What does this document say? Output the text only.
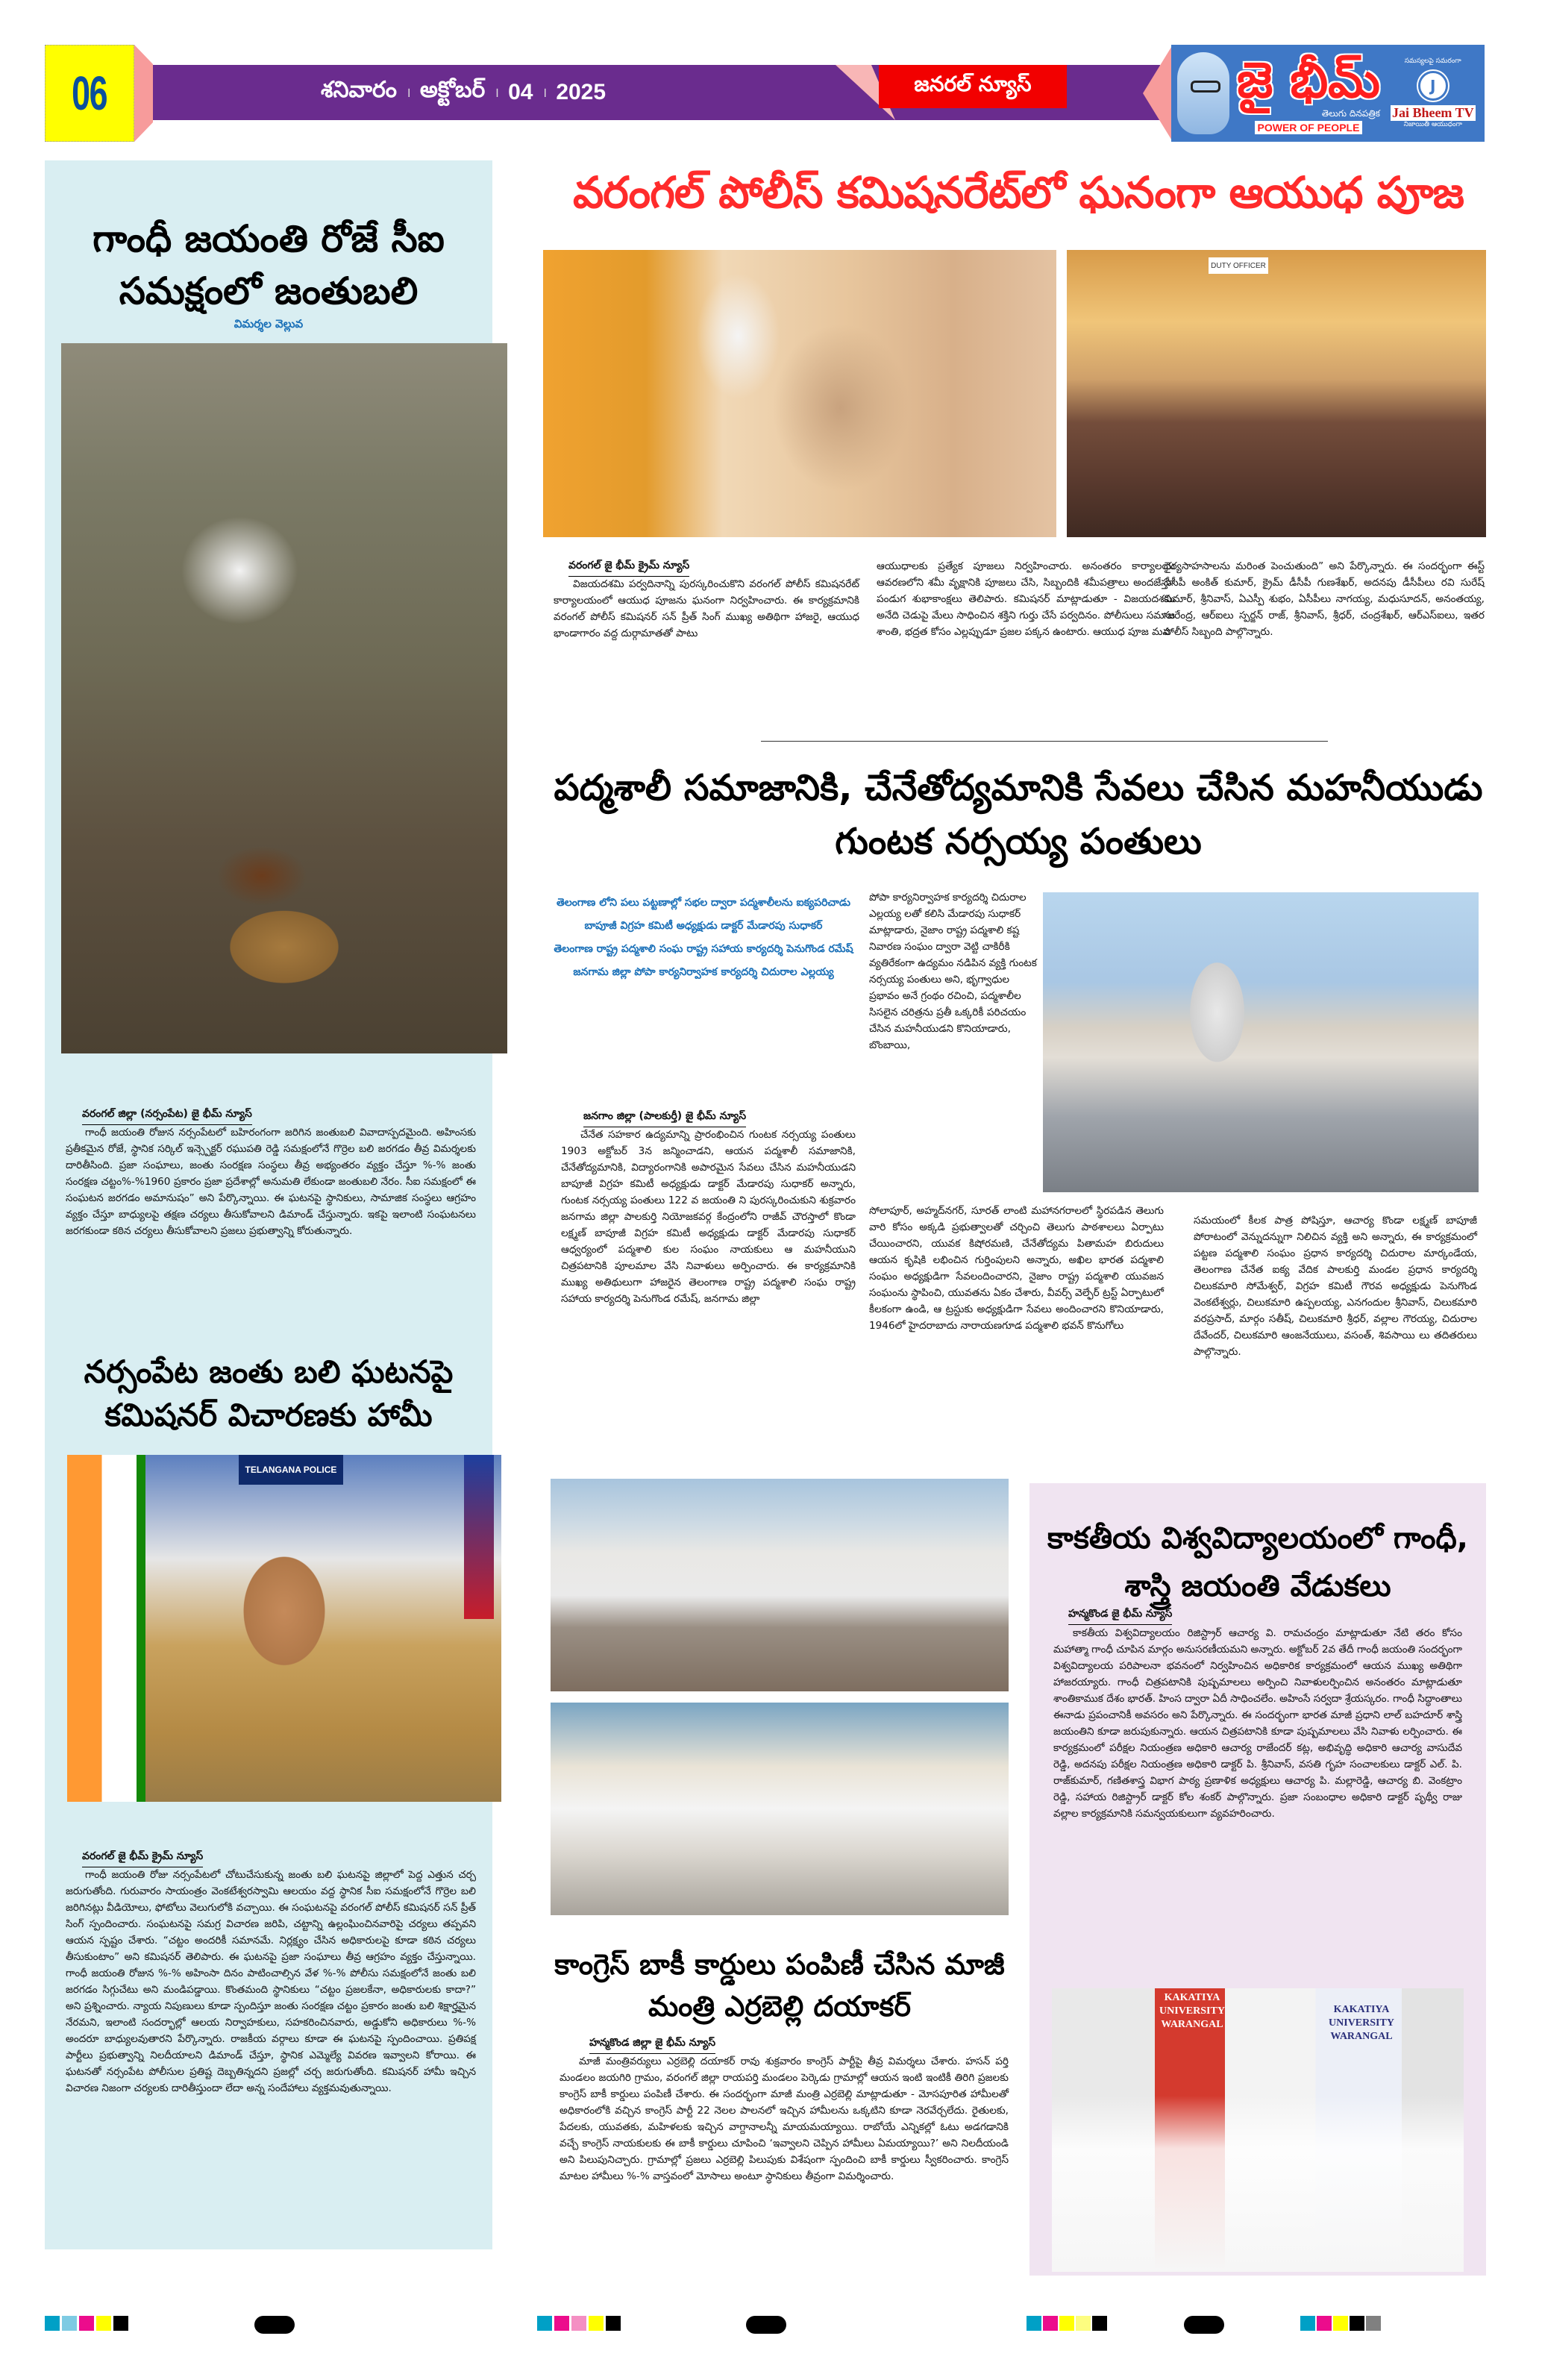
06	శనివారం । అక్టోబర్ । 04 । 2025	జనరల్ న్యూస్	జై భీమ్
తెలుగు దినపత్రిక
POWER OF PEOPLE
సమస్యలపై సమరంగా
J
Jai Bheem TV
నిజాయితీ ఆయుధంగా
గాంధీ జయంతి రోజే సీఐ సమక్షంలో జంతుబలి
విమర్శల వెల్లువ
వరంగల్ జిల్లా (నర్సంపేట) జై భీమ్ న్యూస్
గాంధీ జయంతి రోజున నర్సంపేటలో బహిరంగంగా జరిగిన జంతుబలి వివాదాస్పదమైంది. అహింసకు ప్రతీకమైన రోజే, స్థానిక సర్కిల్ ఇన్స్పెక్టర్ రఘుపతి రెడ్డి సమక్షంలోనే గొర్రెల బలి జరగడం తీవ్ర విమర్శలకు దారితీసింది. ప్రజా సంఘాలు, జంతు సంరక్షణ సంస్థలు తీవ్ర అభ్యంతరం వ్యక్తం చేస్తూ %-% జంతు సంరక్షణ చట్టం%-%1960 ప్రకారం ప్రజా ప్రదేశాల్లో అనుమతి లేకుండా జంతుబలి నేరం. సీఐ సమక్షంలో ఈ సంఘటన జరగడం అమానుషం” అని పేర్కొన్నాయి. ఈ ఘటనపై స్థానికులు, సామాజిక సంస్థలు ఆగ్రహం వ్యక్తం చేస్తూ బాధ్యులపై తక్షణ చర్యలు తీసుకోవాలని డిమాండ్ చేస్తున్నారు. ఇకపై ఇలాంటి సంఘటనలు జరగకుండా కఠిన చర్యలు తీసుకోవాలని ప్రజలు ప్రభుత్వాన్ని కోరుతున్నారు.
నర్సంపేట జంతు బలి ఘటనపై కమిషనర్ విచారణకు హామీ
TELANGANA POLICE
వరంగల్ జై భీమ్ క్రైమ్ న్యూస్
గాంధీ జయంతి రోజు నర్సంపేటలో చోటుచేసుకున్న జంతు బలి ఘటనపై జిల్లాలో పెద్ద ఎత్తున చర్చ జరుగుతోంది. గురువారం సాయంత్రం వెంకటేశ్వరస్వామి ఆలయం వద్ద స్థానిక సీఐ సమక్షంలోనే గొర్రెల బలి జరిగినట్లు వీడియోలు, ఫోటోలు వెలుగులోకి వచ్చాయి. ఈ సంఘటనపై వరంగల్ పోలీస్ కమిషనర్ సన్ ప్రీత్ సింగ్ స్పందించారు. సంఘటనపై సమగ్ర విచారణ జరిపి, చట్టాన్ని ఉల్లంఘించినవారిపై చర్యలు తప్పవని ఆయన స్పష్టం చేశారు. “చట్టం అందరికీ సమానమే. నిర్లక్ష్యం చేసిన అధికారులపై కూడా కఠిన చర్యలు తీసుకుంటాం” అని కమిషనర్ తెలిపారు. ఈ ఘటనపై ప్రజా సంఘాలు తీవ్ర ఆగ్రహం వ్యక్తం చేస్తున్నాయి. గాంధీ జయంతి రోజున %-% అహింసా దినం పాటించాల్సిన వేళ %-% పోలీసు సమక్షంలోనే జంతు బలి జరగడం సిగ్గుచేటు అని మండిపడ్డాయి. కొంతమంది స్థానికులు “చట్టం ప్రజలకేనా, అధికారులకు కాదా?” అని ప్రశ్నించారు. న్యాయ నిపుణులు కూడా స్పందిస్తూ జంతు సంరక్షణ చట్టం ప్రకారం జంతు బలి శిక్షార్హమైన నేరమని, ఇలాంటి సందర్భాల్లో ఆలయ నిర్వాహకులు, సహకరించినవారు, అడ్డుకోని అధికారులు %-% అందరూ బాధ్యులవుతారని పేర్కొన్నారు. రాజకీయ వర్గాలు కూడా ఈ ఘటనపై స్పందించాయి. ప్రతిపక్ష పార్టీలు ప్రభుత్వాన్ని నిలదీయాలని డిమాండ్ చేస్తూ, స్థానిక ఎమ్మెల్యే వివరణ ఇవ్వాలని కోరాయి. ఈ ఘటనతో నర్సంపేట పోలీసుల ప్రతిష్ట దెబ్బతిన్నదని ప్రజల్లో చర్చ జరుగుతోంది. కమిషనర్ హామీ ఇచ్చిన విచారణ నిజంగా చర్యలకు దారితీస్తుందా లేదా అన్న సందేహాలు వ్యక్తమవుతున్నాయి.
వరంగల్ పోలీస్ కమిషనరేట్‌లో ఘనంగా ఆయుధ పూజ
DUTY OFFICER
వరంగల్ జై భీమ్ క్రైమ్ న్యూస్
విజయదశమి పర్వదినాన్ని పురస్కరించుకొని వరంగల్ పోలీస్ కమిషనరేట్ కార్యాలయంలో ఆయుధ పూజను ఘనంగా నిర్వహించారు. ఈ కార్యక్రమానికి వరంగల్ పోలీస్ కమిషనర్ సన్ ప్రీత్ సింగ్ ముఖ్య అతిథిగా హాజరై, ఆయుధ భాండాగారం వద్ద దుర్గామాతతో పాటు
ఆయుధాలకు ప్రత్యేక పూజలు నిర్వహించారు. అనంతరం కార్యాలయ ఆవరణలోని శమీ వృక్షానికి పూజలు చేసి, సిబ్బందికి శమీపత్రాలు అందజేస్తూ పండుగ శుభాకాంక్షలు తెలిపారు. కమిషనర్ మాట్లాడుతూ - విజయదశమి అనేది చెడుపై మేలు సాధించిన శక్తిని గుర్తు చేసే పర్వదినం. పోలీసులు సమాజ శాంతి, భద్రత కోసం ఎల్లప్పుడూ ప్రజల పక్కన ఉంటారు. ఆయుధ పూజ మన
ధైర్యసాహసాలను మరింత పెంచుతుంది” అని పేర్కొన్నారు. ఈ సందర్భంగా ఈస్ట్ డీసీపీ అంకిత్ కుమార్, క్రైమ్ డీసీపీ గుణశేఖర్, అదనపు డీసీపీలు రవి సురేష్ కుమార్, శ్రీనివాస్, ఏఎస్పీ శుభం, ఏసీపీలు నాగయ్య, మధుసూదన్, అనంతయ్య, సురేంద్ర, ఆర్ఐలు స్పర్జన్ రాజ్, శ్రీనివాస్, శ్రీధర్, చంద్రశేఖర్, ఆర్ఎస్ఐలు, ఇతర పోలీస్ సిబ్బంది పాల్గొన్నారు.
పద్మశాలీ సమాజానికి, చేనేతోద్యమానికి సేవలు చేసిన మహనీయుడు గుంటక నర్సయ్య పంతులు
తెలంగాణ లోని పలు పట్టణాల్లో సభల ద్వారా పద్మశాలీలను ఐక్యపరిచాడు
బాపూజీ విగ్రహ కమిటీ అధ్యక్షుడు డాక్టర్ మేడారపు సుధాకర్
తెలంగాణ రాష్ట్ర పద్మశాలి సంఘ రాష్ట్ర సహాయ కార్యదర్శి పెనుగొండ రమేష్
జనగామ జిల్లా పోపా కార్యనిర్వాహక కార్యదర్శి చిదురాల ఎల్లయ్య
జనగాం జిల్లా (పాలకుర్తీ) జై భీమ్ న్యూస్
చేనేత సహకార ఉద్యమాన్ని ప్రారంభించిన గుంటక నర్సయ్య పంతులు 1903 అక్టోబర్ 3న జన్మించాడని, ఆయన పద్మశాలీ సమాజానికి, చేనేతోద్యమానికి, విద్యారంగానికి అపారమైన సేవలు చేసిన మహనీయుడని బాపూజీ విగ్రహ కమిటీ అధ్యక్షుడు డాక్టర్ మేడారపు సుధాకర్ అన్నారు, గుంటక నర్సయ్య పంతులు 122 వ జయంతి ని పురస్కరించుకుని శుక్రవారం జనగామ జిల్లా పాలకుర్తి నియోజకవర్గ కేంద్రంలోని రాజీవ్ చౌరస్తాలో కొండా లక్ష్మణ్ బాపూజీ విగ్రహ కమిటీ అధ్యక్షుడు డాక్టర్ మేడారపు సుధాకర్ ఆధ్వర్యంలో పద్మశాలి కుల సంఘం నాయకులు ఆ మహనీయుని చిత్రపటానికి పూలమాల వేసి నివాళులు అర్పించారు. ఈ కార్యక్రమానికి ముఖ్య అతిథులుగా హాజరైన తెలంగాణ రాష్ట్ర పద్మశాలి సంఘ రాష్ట్ర సహాయ కార్యదర్శి పెనుగొండ రమేష్, జనగామ జిల్లా
పోపా కార్యనిర్వాహక కార్యదర్శి చిదురాల ఎల్లయ్య లతో కలిసి మేడారపు సుధాకర్ మాట్లాడారు, నైజాం రాష్ట్ర పద్మశాలి కష్ట నివారణ సంఘం ద్వారా వెట్టి చాకిరీకి వ్యతిరేకంగా ఉద్యమం నడిపిన వ్యక్తి గుంటక నర్సయ్య పంతులు అని, భృగ్వాధుల ప్రభావం అనే గ్రంథం రచించి, పద్మశాలీల సిసలైన చరిత్రను ప్రతీ ఒక్కరికీ పరిచయం చేసిన మహనీయుడని కొనియాడారు, బొంబాయి,
సోలాపూర్, అహ్మద్‌నగర్, సూరత్ లాంటి మహానగరాలలో స్థిరపడిన తెలుగు వారి కోసం అక్కడి ప్రభుత్వాలతో చర్చించి తెలుగు పాఠశాలలు ఏర్పాటు చేయించారని, యువక కిషోరమణి, చేనేతోద్యమ పితామహ బిరుదులు ఆయన కృషికి లభించిన గుర్తింపులని అన్నారు, అఖిల భారత పద్మశాలి సంఘం అధ్యక్షుడిగా సేవలందించారని, నైజాం రాష్ట్ర పద్మశాలి యువజన సంఘంను స్థాపించి, యువతను ఏకం చేశారు, వీవర్స్ వెల్ఫేర్ ట్రస్ట్ ఏర్పాటులో కీలకంగా ఉండి, ఆ ట్రస్టుకు అధ్యక్షుడిగా సేవలు అందించారని కొనియాడారు, 1946లో హైదరాబాదు నారాయణగూడ పద్మశాలి భవన్ కొనుగోలు
సమయంలో కీలక పాత్ర పోషిస్తూ, ఆచార్య కొండా లక్ష్మణ్ బాపూజీ పోరాటంలో వెన్నుదన్నుగా నిలిచిన వ్యక్తి అని అన్నారు, ఈ కార్యక్రమంలో పట్టణ పద్మశాలి సంఘం ప్రధాన కార్యదర్శి చిదురాల మార్కండేయ, తెలంగాణ చేనేత ఐక్య వేదిక పాలకుర్తి మండల ప్రధాన కార్యదర్శి చిలుకమారి సోమేశ్వర్, విగ్రహ కమిటీ గౌరవ అధ్యక్షుడు పెనుగొండ వెంకటేశ్వర్లు, చిలుకమారి ఉప్పలయ్య, ఎనగందుల శ్రీనివాస్, చిలుకమారి వరప్రసాద్, మార్గం సతీష్, చిలుకమారి శ్రీధర్, వల్లాల గౌరయ్య, చిదురాల దేవేందర్, చిలుకమారి ఆంజనేయులు, వసంత్, శివసాయి లు తదితరులు పాల్గొన్నారు.
కాంగ్రెస్ బాకీ కార్డులు పంపిణీ చేసిన మాజీ మంత్రి ఎర్రబెల్లి దయాకర్
హన్మకొండ జిల్లా జై భీమ్ న్యూస్
మాజీ మంత్రివర్యులు ఎర్రబెల్లి దయాకర్ రావు శుక్రవారం కాంగ్రెస్ పార్టీపై తీవ్ర విమర్శలు చేశారు. హసన్ పర్తి మండలం జయగిరి గ్రామం, వరంగల్ జిల్లా రాయపర్తి మండలం పెర్కెడు గ్రామాల్లో ఆయన ఇంటి ఇంటికీ తిరిగి ప్రజలకు కాంగ్రెస్ బాకీ కార్డులు పంపిణీ చేశారు. ఈ సందర్భంగా మాజీ మంత్రి ఎర్రబెల్లి మాట్లాడుతూ - మోసపూరిత హామీలతో అధికారంలోకి వచ్చిన కాంగ్రెస్ పార్టీ 22 నెలల పాలనలో ఇచ్చిన హామీలను ఒక్కటిని కూడా నెరవేర్చలేదు. రైతులకు, పేదలకు, యువతకు, మహిళలకు ఇచ్చిన వాగ్దానాలన్నీ మాయమయ్యాయి. రాబోయే ఎన్నికల్లో ఓటు అడగడానికి వచ్చే కాంగ్రెస్ నాయకులకు ఈ బాకీ కార్డులు చూపించి ‘ఇవ్వాలని చెప్పిన హామీలు ఏమయ్యాయి?’ అని నిలదీయండి అని పిలుపునిచ్చారు. గ్రామాల్లో ప్రజలు ఎర్రబెల్లి పిలుపుకు విశేషంగా స్పందించి బాకీ కార్డులు స్వీకరించారు. కాంగ్రెస్ మాటల హామీలు %-% వాస్తవంలో మోసాలు అంటూ స్థానికులు తీవ్రంగా విమర్శించారు.
కాకతీయ విశ్వవిద్యాలయంలో గాంధీ, శాస్త్రి జయంతి వేడుకలు
హన్మకొండ జై భీమ్ న్యూస్
కాకతీయ విశ్వవిద్యాలయం రిజిస్ట్రార్ ఆచార్య వి. రామచంద్రం మాట్లాడుతూ నేటి తరం కోసం మహాత్మా గాంధీ చూపిన మార్గం అనుసరణీయమని అన్నారు. అక్టోబర్ 2వ తేదీ గాంధీ జయంతి సందర్భంగా విశ్వవిద్యాలయ పరిపాలనా భవనంలో నిర్వహించిన అధికారిక కార్యక్రమంలో ఆయన ముఖ్య అతిథిగా హాజరయ్యారు. గాంధీ చిత్రపటానికి పుష్పమాలలు అర్పించి నివాళులర్పించిన అనంతరం మాట్లాడుతూ శాంతికాముక దేశం భారత్. హింస ద్వారా ఏదీ సాధించలేం. అహింసే సర్వదా శ్రేయస్కరం. గాంధీ సిద్ధాంతాలు ఈనాడు ప్రపంచానికీ అవసరం అని పేర్కొన్నారు. ఈ సందర్భంగా భారత మాజీ ప్రధాని లాల్ బహదూర్ శాస్త్రి జయంతిని కూడా జరుపుకున్నారు. ఆయన చిత్రపటానికి కూడా పుష్పమాలలు వేసి నివాళు లర్పించారు. ఈ కార్యక్రమంలో పరీక్షల నియంత్రణ అధికారి ఆచార్య రాజేందర్ కట్ల, అభివృద్ధి అధికారి ఆచార్య వాసుదేవ రెడ్డి, అదనపు పరీక్షల నియంత్రణ అధికారి డాక్టర్ పి. శ్రీనివాస్, వసతి గృహ సంచాలకులు డాక్టర్ ఎల్. పి. రాజ్‌కుమార్, గణితశాస్త్ర విభాగ పాఠ్య ప్రణాళిక అధ్యక్షులు ఆచార్య పి. మల్లారెడ్డి, ఆచార్య బి. వెంకట్రాం రెడ్డి, సహాయ రిజిస్ట్రార్ డాక్టర్ కోల శంకర్ పాల్గొన్నారు. ప్రజా సంబంధాల అధికారి డాక్టర్ పృథ్వీ రాజు వల్లాల కార్యక్రమానికి సమన్వయకులుగా వ్యవహరించారు.
KAKATIYA UNIVERSITY WARANGAL
KAKATIYA UNIVERSITY WARANGAL
